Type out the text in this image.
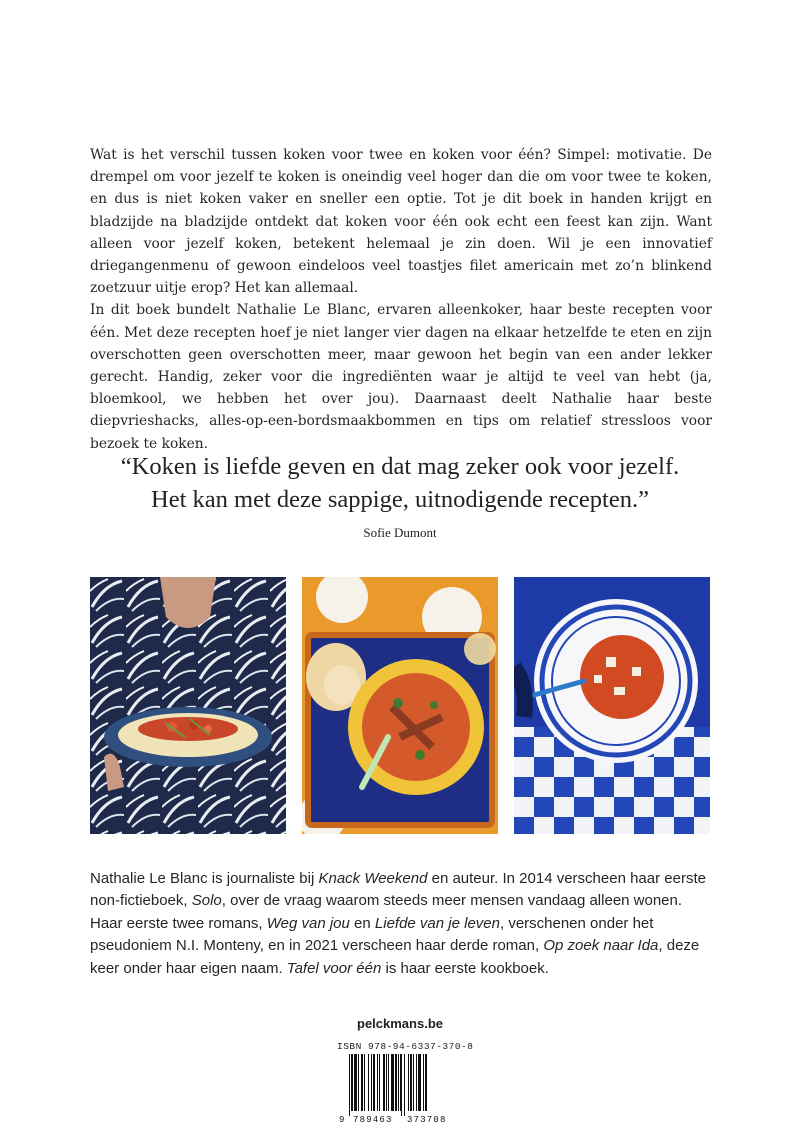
Wat is het verschil tussen koken voor twee en koken voor één? Simpel: motivatie. De drempel om voor jezelf te koken is oneindig veel hoger dan die om voor twee te koken, en dus is niet koken vaker en sneller een optie. Tot je dit boek in handen krijgt en bladzijde na bladzijde ontdekt dat koken voor één ook echt een feest kan zijn. Want alleen voor jezelf koken, betekent helemaal je zin doen. Wil je een innovatief driegangenmenu of gewoon eindeloos veel toastjes filet americain met zo’n blinkend zoetzuur uitje erop? Het kan allemaal.

In dit boek bundelt Nathalie Le Blanc, ervaren alleenkoker, haar beste recepten voor één. Met deze recepten hoef je niet langer vier dagen na elkaar hetzelfde te eten en zijn overschotten geen overschotten meer, maar gewoon het begin van een ander lekker gerecht. Handig, zeker voor die ingrediënten waar je altijd te veel van hebt (ja, bloemkool, we hebben het over jou). Daarnaast deelt Nathalie haar beste diepvrieshacks, alles-op-een-bordsmaakbommen en tips om relatief stressloos voor bezoek te koken.

“Koken is liefde geven en dat mag zeker ook voor jezelf.
Het kan met deze sappige, uitnodigende recepten.”
Sofie Dumont
Nathalie Le Blanc is journaliste bij Knack Weekend en auteur. In 2014 verscheen haar eerste non-fictieboek, Solo, over de vraag waarom steeds meer mensen vandaag alleen wonen. Haar eerste twee romans, Weg van jou en Liefde van je leven, verschenen onder het pseudoniem N.I. Monteny, en in 2021 verscheen haar derde roman, Op zoek naar Ida, deze keer onder haar eigen naam. Tafel voor één is haar eerste kookboek.
pelckmans.be
ISBN 978-94-6337-370-8
9 789463 373708
